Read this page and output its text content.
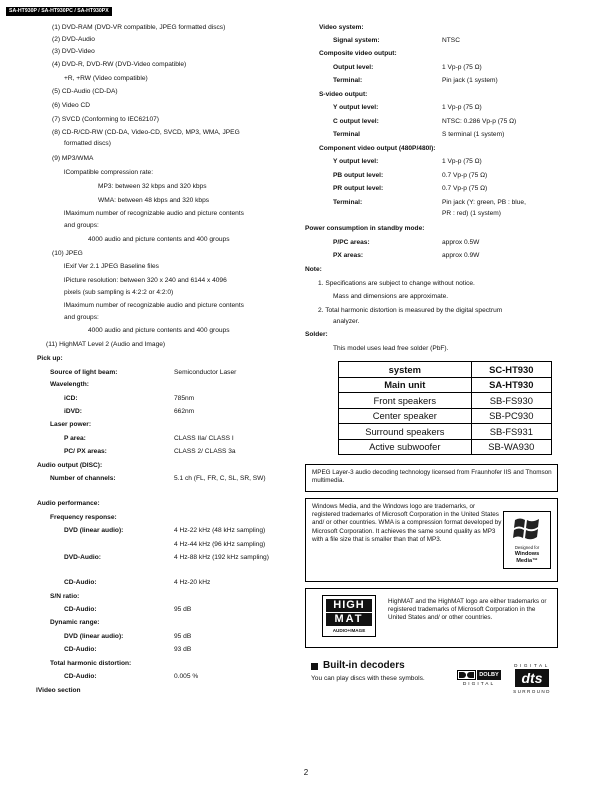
SA-HT930P / SA-HT930PC / SA-HT930PX
(1) DVD-RAM (DVD-VR compatible, JPEG formatted discs)
(2) DVD-Audio
(3) DVD-Video
(4) DVD-R, DVD-RW (DVD-Video compatible)
+R, +RW (Video compatible)
(5) CD-Audio (CD-DA)
(6) Video CD
(7) SVCD (Conforming to IEC62107)
(8) CD-R/CD-RW (CD-DA, Video-CD, SVCD, MP3, WMA, JPEG
formatted discs)
(9) MP3/WMA
lCompatible compression rate:
MP3: between 32 kbps and 320 kbps
WMA: between 48 kbps and 320 kbps
lMaximum number of recognizable audio and picture contents
and groups:
4000 audio and picture contents and 400 groups
(10) JPEG
lExif Ver 2.1 JPEG Baseline files
lPicture resolution: between 320 x 240 and 6144 x 4096
pixels (sub sampling is 4:2:2 or 4:2:0)
lMaximum number of recognizable audio and picture contents
and groups:
4000 audio and picture contents and 400 groups
(11) HighMAT Level 2 (Audio and Image)
Pick up:
Source of light beam:	Semiconductor Laser
Wavelength:
iCD:	785nm
iDVD:	662nm
Laser power:
P area:	CLASS IIa/ CLASS I
PC/ PX areas:	CLASS 2/ CLASS 3a
Audio output (DISC):
Number of channels:	5.1 ch (FL, FR, C, SL, SR, SW)
Audio performance:
Frequency response:
DVD (linear audio):	4 Hz-22 kHz (48 kHz sampling)
4 Hz-44 kHz (96 kHz sampling)
DVD-Audio:	4 Hz-88 kHz (192 kHz sampling)
CD-Audio:	4 Hz-20 kHz
S/N ratio:
CD-Audio:	95 dB
Dynamic range:
DVD (linear audio):	95 dB
CD-Audio:	93 dB
Total harmonic distortion:
CD-Audio:	0.005 %
lVideo section
Video system:
Signal system:	NTSC
Composite video output:
Output level:	1 Vp-p (75 Ω)
Terminal:	Pin jack (1 system)
S-video output:
Y output level:	1 Vp-p (75 Ω)
C output level:	NTSC: 0.286 Vp-p (75 Ω)
Terminal	S terminal (1 system)
Component video output (480P/480I):
Y output level:	1 Vp-p (75 Ω)
PB output level:	0.7 Vp-p (75 Ω)
PR output level:	0.7 Vp-p (75 Ω)
Terminal:	Pin jack (Y: green, PB : blue,
PR : red) (1 system)
Power consumption in standby mode:
P/PC areas:	approx 0.5W
PX areas:	approx 0.9W
Note:
1. Specifications are subject to change without notice.
Mass and dimensions are approximate.
2. Total harmonic distortion is measured by the digital spectrum
analyzer.
Solder:
This model uses lead free solder (PbF).
system	SC-HT930
Main unit	SA-HT930
Front speakers	SB-FS930
Center speaker	SB-PC930
Surround speakers	SB-FS931
Active subwoofer	SB-WA930
MPEG Layer-3 audio decoding technology licensed from Fraunhofer IIS and Thomson multimedia.
Windows Media, and the Windows logo are trademarks, or registered trademarks of Microsoft Corporation in the United States and/ or other countries. WMA is a compression format developed by Microsoft Corporation. It achieves the same sound quality as MP3 with a file size that is smaller than that of MP3.
Designed for
Windows
Media™
HIGH
MAT
AUDIO+IMAGE
HighMAT and the HighMAT logo are either trademarks or registered trademarks of Microsoft Corporation in the United States and/ or other countries.
Built-in decoders
You can play discs with these symbols.	DOLBY
DIGITAL
DIGITAL
dts
SURROUND
2
